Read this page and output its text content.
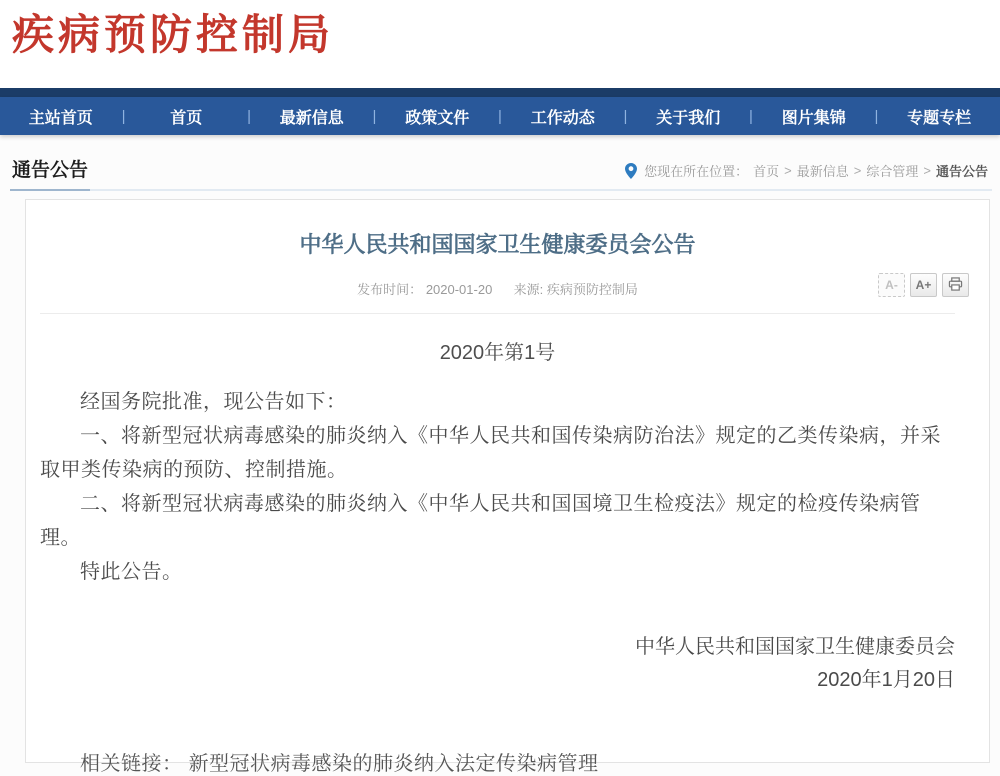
疾病预防控制局
主站首页	|	首页	|	最新信息	|	政策文件	|	工作动态	|	关于我们	|	图片集锦	|	专题专栏
通告公告	您现在所在位置： 首页 > 最新信息 > 综合管理 > 通告公告
中华人民共和国国家卫生健康委员会公告
发布时间： 2020-01-20 来源: 疾病预防控制局	A-	A+
2020年第1号

经国务院批准，现公告如下：

一、将新型冠状病毒感染的肺炎纳入《中华人民共和国传染病防治法》规定的乙类传染病，并采取甲类传染病的预防、控制措施。

二、将新型冠状病毒感染的肺炎纳入《中华人民共和国国境卫生检疫法》规定的检疫传染病管理。

特此公告。

中华人民共和国国家卫生健康委员会
2020年1月20日
相关链接： 新型冠状病毒感染的肺炎纳入法定传染病管理
